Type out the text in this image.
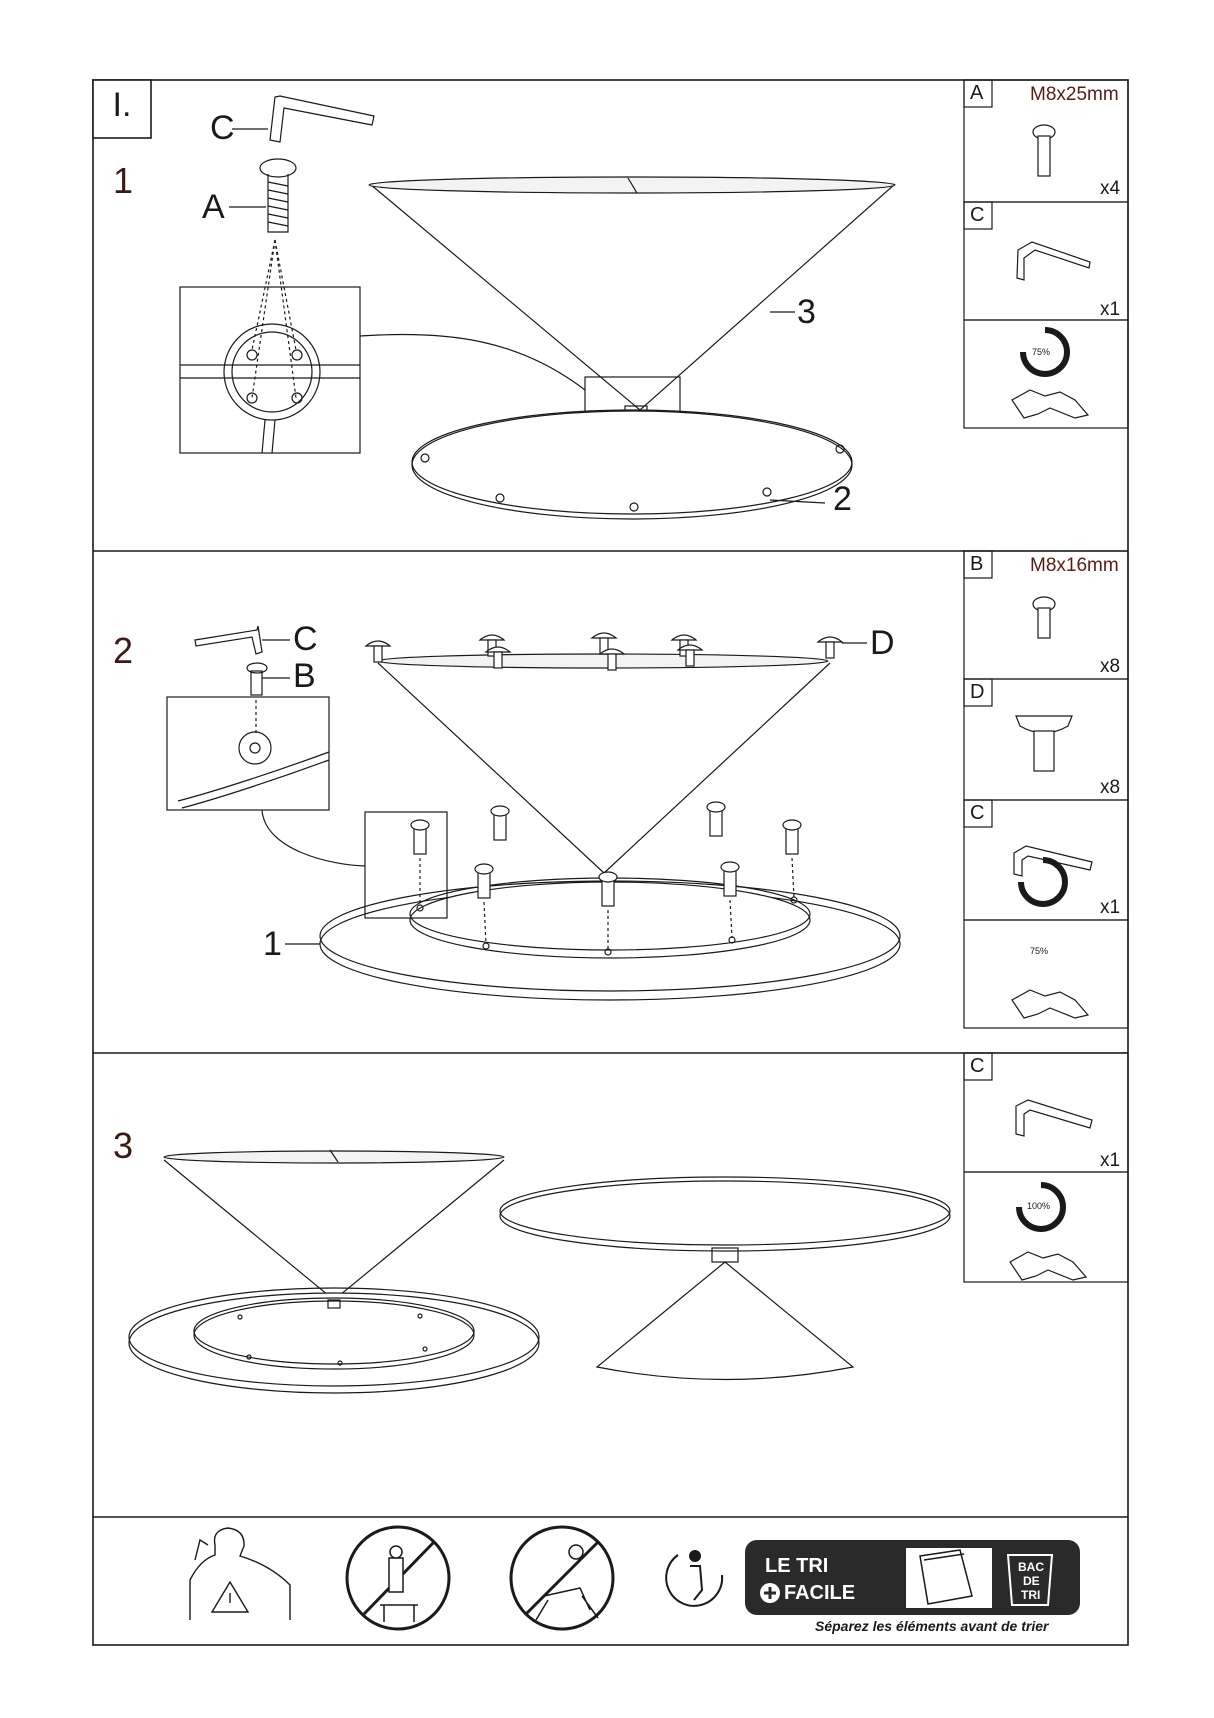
I.
1
C
A
3
2
2	C
B
D
1
3
A M8x25mm
x4
C
x1
75%
B M8x16mm
x8
D
x8
C
x1
75%
C
x1
100%
LE TRI
FACILE
BAC
DE
TRI
Séparez les éléments avant de trier
